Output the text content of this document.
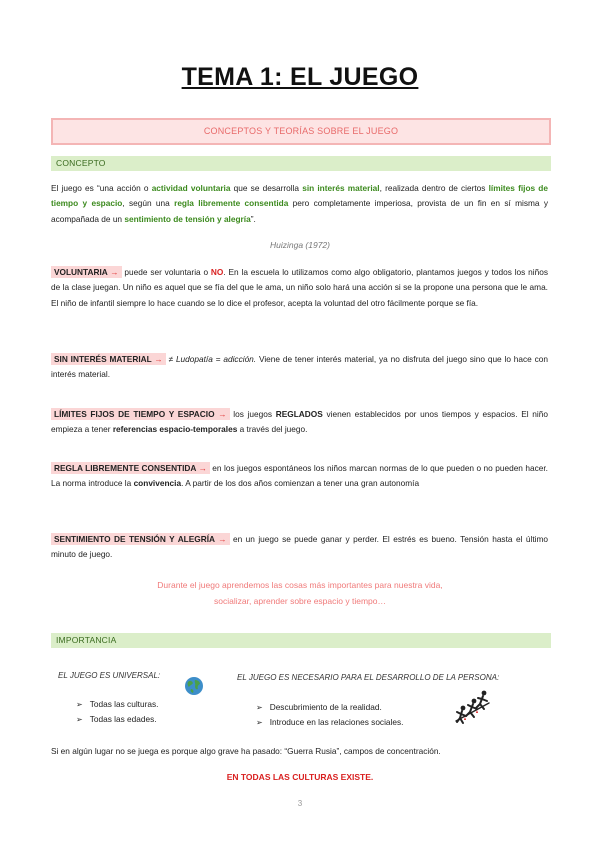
TEMA 1: EL JUEGO
CONCEPTOS Y TEORÍAS SOBRE EL JUEGO
CONCEPTO

El juego es “una acción o actividad voluntaria que se desarrolla sin interés material, realizada dentro de ciertos límites fijos de tiempo y espacio, según una regla libremente consentida pero completamente imperiosa, provista de un fin en sí misma y acompañada de un sentimiento de tensión y alegría”.

Huizinga (1972)

VOLUNTARIA → puede ser voluntaria o NO. En la escuela lo utilizamos como algo obligatorio, plantamos juegos y todos los niños de la clase juegan. Un niño es aquel que se fía del que le ama, un niño solo hará una acción si se la propone una persona que le ama. El niño de infantil siempre lo hace cuando se lo dice el profesor, acepta la voluntad del otro fácilmente porque se fía.

SIN INTERÉS MATERIAL → ≠ Ludopatía = adicción. Viene de tener interés material, ya no disfruta del juego sino que lo hace con interés material.

LÍMITES FIJOS DE TIEMPO Y ESPACIO → los juegos REGLADOS vienen establecidos por unos tiempos y espacios. El niño empieza a tener referencias espacio-temporales a través del juego.

REGLA LIBREMENTE CONSENTIDA → en los juegos espontáneos los niños marcan normas de lo que pueden o no pueden hacer. La norma introduce la convivencia. A partir de los dos años comienzan a tener una gran autonomía

SENTIMIENTO DE TENSIÓN Y ALEGRÍA → en un juego se puede ganar y perder. El estrés es bueno. Tensión hasta el último minuto de juego.

Durante el juego aprendemos las cosas más importantes para nuestra vida,
socializar, aprender sobre espacio y tiempo…
IMPORTANCIA
EL JUEGO ES UNIVERSAL:
➢ Todas las culturas.
➢ Todas las edades.
EL JUEGO ES NECESARIO PARA EL DESARROLLO DE LA PERSONA:
➢ Descubrimiento de la realidad.
➢ Introduce en las relaciones sociales.
Si en algún lugar no se juega es porque algo grave ha pasado: “Guerra Rusia”, campos de concentración.
EN TODAS LAS CULTURAS EXISTE.
3
